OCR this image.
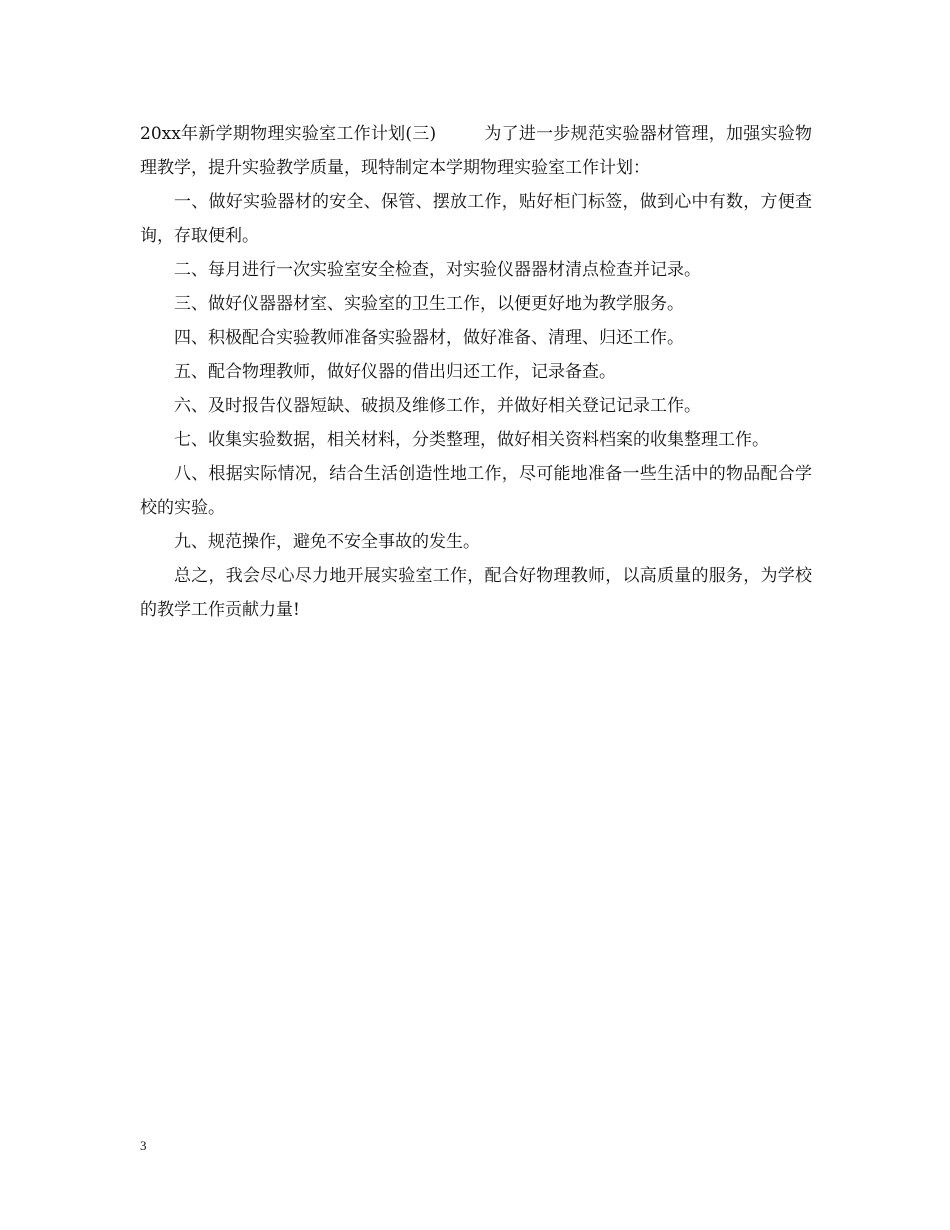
20xx年新学期物理实验室工作计划(三)	为了进一步规范实验器材管理，加强实验物理教学，提升实验教学质量，现特制定本学期物理实验室工作计划：

一、做好实验器材的安全、保管、摆放工作，贴好柜门标签，做到心中有数，方便查询，存取便利。

二、每月进行一次实验室安全检查，对实验仪器器材清点检查并记录。

三、做好仪器器材室、实验室的卫生工作，以便更好地为教学服务。

四、积极配合实验教师准备实验器材，做好准备、清理、归还工作。

五、配合物理教师，做好仪器的借出归还工作，记录备查。

六、及时报告仪器短缺、破损及维修工作，并做好相关登记记录工作。

七、收集实验数据，相关材料，分类整理，做好相关资料档案的收集整理工作。

八、根据实际情况，结合生活创造性地工作，尽可能地准备一些生活中的物品配合学校的实验。

九、规范操作，避免不安全事故的发生。

总之，我会尽心尽力地开展实验室工作，配合好物理教师，以高质量的服务，为学校的教学工作贡献力量!

3
